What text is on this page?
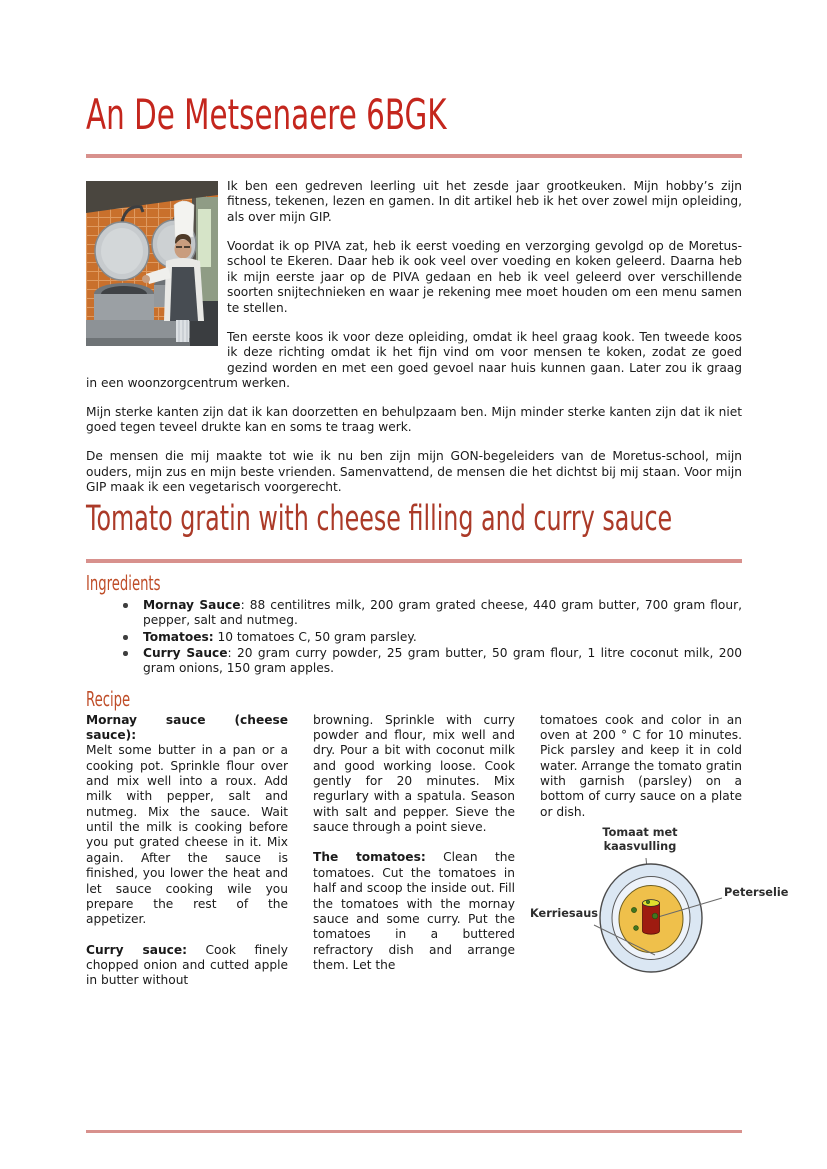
An De Metsenaere 6BGK

Ik ben een gedreven leerling uit het zesde jaar grootkeuken. Mijn hobby’s zijn fitness, tekenen, lezen en gamen. In dit artikel heb ik het over zowel mijn opleiding, als over mijn GIP.

Voordat ik op PIVA zat, heb ik eerst voeding en verzorging gevolgd op de Moretus-school te Ekeren. Daar heb ik ook veel over voeding en koken geleerd. Daarna heb ik mijn eerste jaar op de PIVA gedaan en heb ik veel geleerd over verschillende soorten snijtechnieken en waar je rekening mee moet houden om een menu samen te stellen.

Ten eerste koos ik voor deze opleiding, omdat ik heel graag kook. Ten tweede koos ik deze richting omdat ik het fijn vind om voor mensen te koken, zodat ze goed gezind worden en met een goed gevoel naar huis kunnen gaan. Later zou ik graag in een woonzorgcentrum werken.

Mijn sterke kanten zijn dat ik kan doorzetten en behulpzaam ben. Mijn minder sterke kanten zijn dat ik niet goed tegen teveel drukte kan en soms te traag werk.

De mensen die mij maakte tot wie ik nu ben zijn mijn GON-begeleiders van de Moretus-school, mijn ouders, mijn zus en mijn beste vrienden. Samenvattend, de mensen die het dichtst bij mij staan. Voor mijn GIP maak ik een vegetarisch voorgerecht.

Tomato gratin with cheese filling and curry sauce
Ingredients
Mornay Sauce: 88 centilitres milk, 200 gram grated cheese, 440 gram butter, 700 gram flour, pepper, salt and nutmeg.
Tomatoes: 10 tomatoes C, 50 gram parsley.
Curry Sauce: 20 gram curry powder, 25 gram butter, 50 gram flour, 1 litre coconut milk, 200 gram onions, 150 gram apples.
Recipe

Mornay sauce (cheese sauce):

Melt some butter in a pan or a cooking pot. Sprinkle flour over and mix well into a roux. Add milk with pepper, salt and nutmeg. Mix the sauce. Wait until the milk is cooking before you put grated cheese in it. Mix again. After the sauce is finished, you lower the heat and let sauce cooking wile you prepare the rest of the appetizer.

Curry sauce: Cook finely chopped onion and cutted apple in butter without

browning. Sprinkle with curry powder and flour, mix well and dry. Pour a bit with coconut milk and good working loose. Cook gently for 20 minutes. Mix regurlary with a spatula. Season with salt and pepper. Sieve the sauce through a point sieve.

The tomatoes: Clean the tomatoes. Cut the tomatoes in half and scoop the inside out. Fill the tomatoes with the mornay sauce and some curry. Put the tomatoes in a buttered refractory dish and arrange them. Let the

tomatoes cook and color in an oven at 200 ° C for 10 minutes. Pick parsley and keep it in cold water. Arrange the tomato gratin with garnish (parsley) on a bottom of curry sauce on a plate or dish.

Tomaat met kaasvulling
Kerriesaus
Peterselie
